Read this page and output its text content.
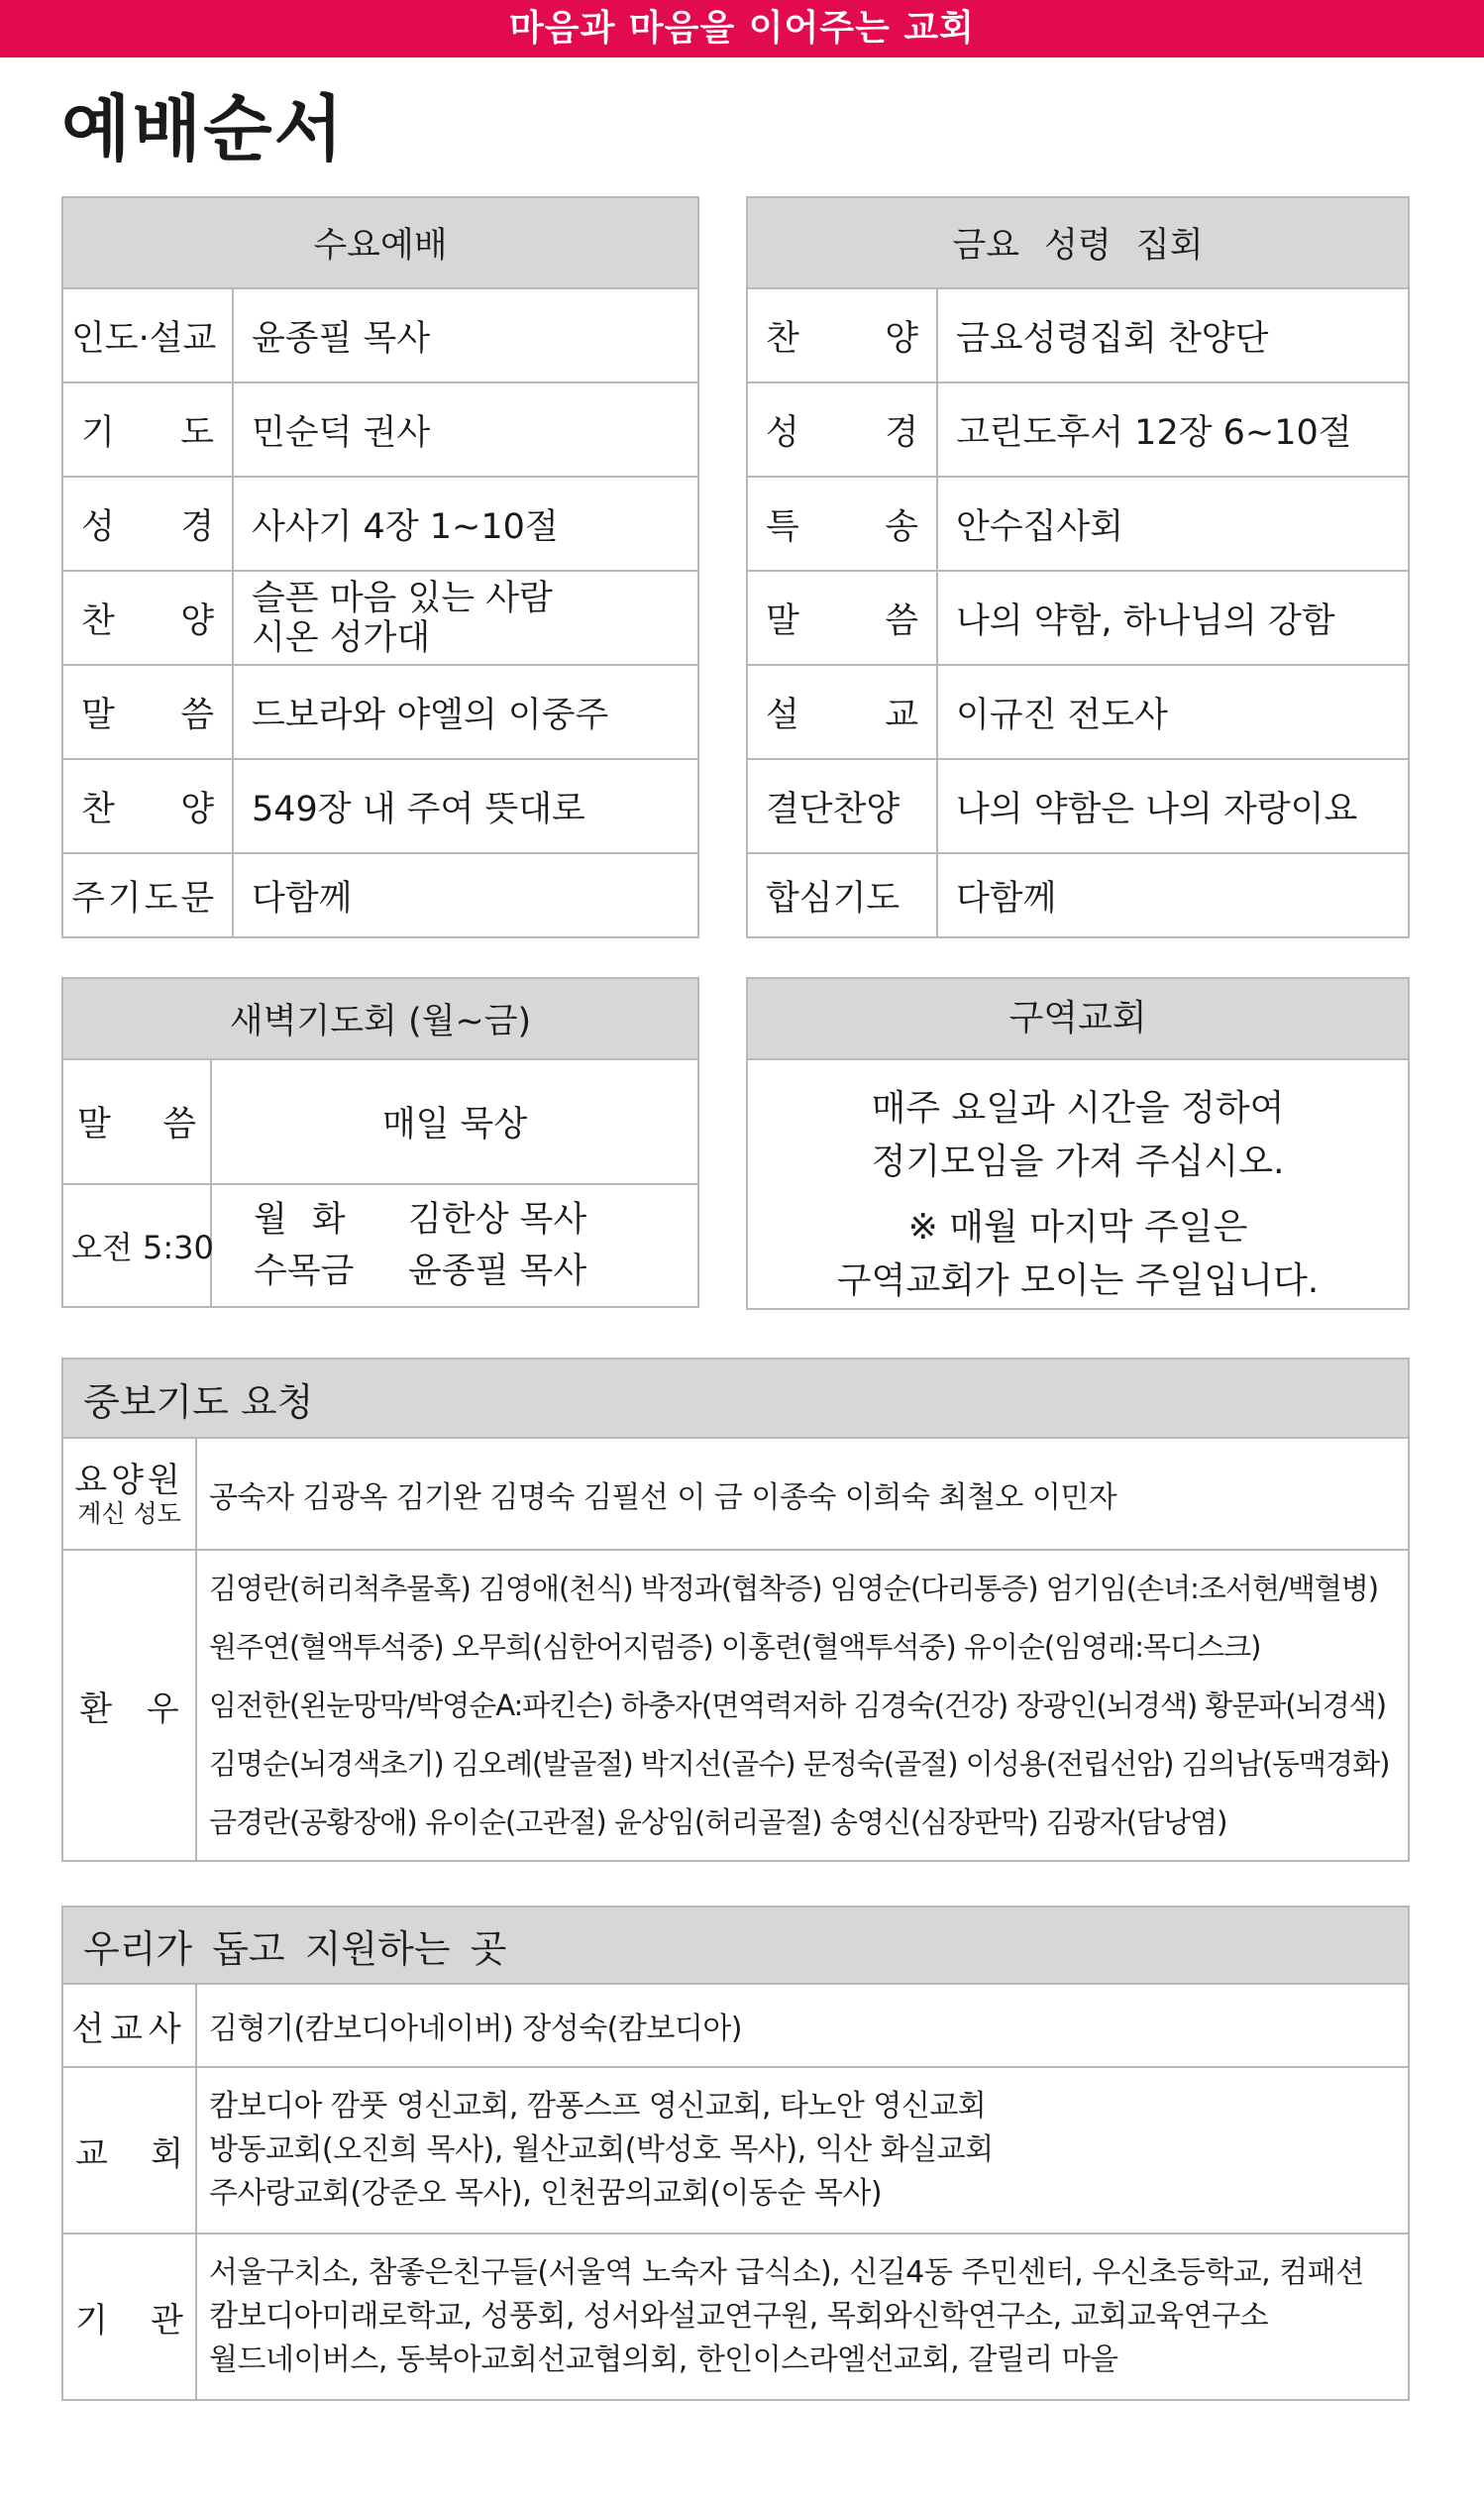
마음과 마음을 이어주는 교회
예배순서
수요예배	
인도·설교	윤종필 목사

기 도	민순덕 권사

성 경	사사기 4장 1~10절

찬 양	슬픈 마음 있는 사람
시온 성가대

말 씀	드보라와 야엘의 이중주

찬 양	549장 내 주여 뜻대로
주기도문	다함께
금요 성령 집회	

찬 양	금요성령집회 찬양단

성 경	고린도후서 12장 6~10절

특 송	안수집사회

말 씀	나의 약함, 하나님의 강함

설 교	이규진 전도사
결단찬양	나의 약함은 나의 자랑이요
합심기도	다함께
새벽기도회 (월~금)	

말 씀	매일 묵상
오전 5:30	월 화 김한상 목사
수목금 윤종필 목사
구역교회
매주 요일과 시간을 정하여
정기모임을 가져 주십시오.
※ 매월 마지막 주일은
구역교회가 모이는 주일입니다.
중보기도 요청	

요양원
계신 성도	공숙자 김광옥 김기완 김명숙 김필선 이 금 이종숙 이희숙 최철오 이민자
환 우	김영란(허리척추물혹) 김영애(천식) 박정과(협착증) 임영순(다리통증) 엄기임(손녀:조서현/백혈병)
원주연(혈액투석중) 오무희(심한어지럼증) 이홍련(혈액투석중) 유이순(임영래:목디스크)
임전한(왼눈망막/박영순A:파킨슨) 하충자(면역력저하 김경숙(건강) 장광인(뇌경색) 황문파(뇌경색)
김명순(뇌경색초기) 김오례(발골절) 박지선(골수) 문정숙(골절) 이성용(전립선암) 김의남(동맥경화)
금경란(공황장애) 유이순(고관절) 윤상임(허리골절) 송영신(심장판막) 김광자(담낭염)
우리가 돕고 지원하는 곳	
선교사	김형기(캄보디아네이버) 장성숙(캄보디아)

교 회	캄보디아 깜풋 영신교회, 깜퐁스프 영신교회, 타노안 영신교회
방동교회(오진희 목사), 월산교회(박성호 목사), 익산 화실교회
주사랑교회(강준오 목사), 인천꿈의교회(이동순 목사)

기 관	서울구치소, 참좋은친구들(서울역 노숙자 급식소), 신길4동 주민센터, 우신초등학교, 컴패션
캄보디아미래로학교, 성풍회, 성서와설교연구원, 목회와신학연구소, 교회교육연구소
월드네이버스, 동북아교회선교협의회, 한인이스라엘선교회, 갈릴리 마을
